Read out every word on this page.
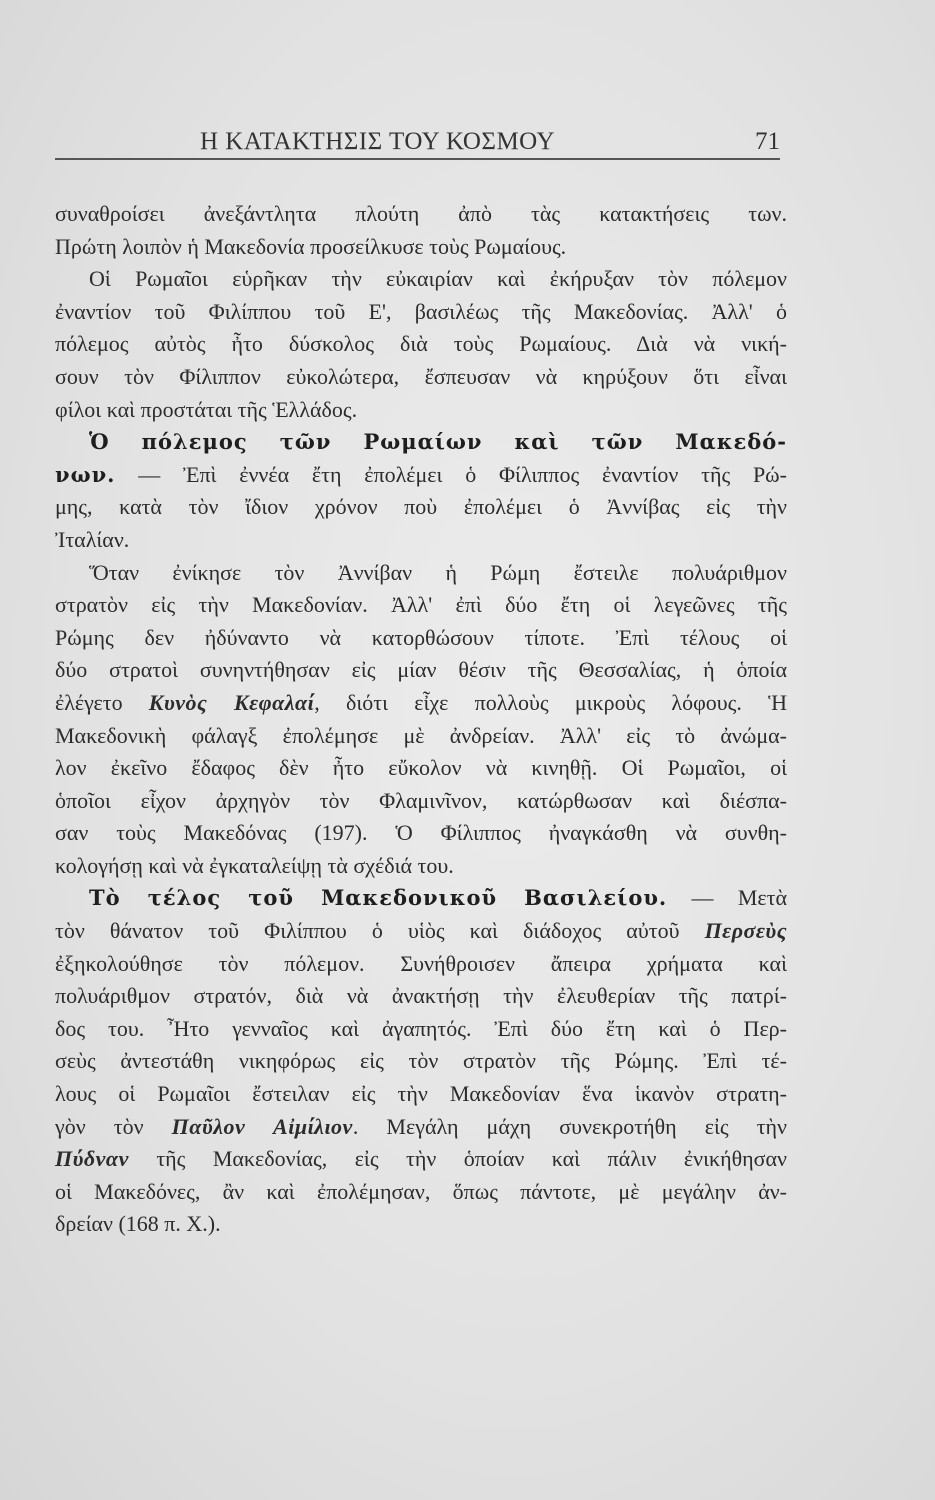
Η ΚΑΤΑΚΤΗΣΙΣ ΤΟΥ ΚΟΣΜΟΥ	71
συναθροίσει ἀνεξάντλητα πλούτη ἀπὸ τὰς κατακτήσεις των.
Πρώτη λοιπὸν ἡ Μακεδονία προσείλκυσε τοὺς Ρωμαίους.
Οἱ Ρωμαῖοι εὑρῆκαν τὴν εὐκαιρίαν καὶ ἐκήρυξαν τὸν πόλεμον
ἐναντίον τοῦ Φιλίππου τοῦ Ε', βασιλέως τῆς Μακεδονίας. Ἀλλ' ὁ
πόλεμος αὐτὸς ἦτο δύσκολος διὰ τοὺς Ρωμαίους. Διὰ νὰ νική-
σουν τὸν Φίλιππον εὐκολώτερα, ἔσπευσαν νὰ κηρύξουν ὅτι εἶναι
φίλοι καὶ προστάται τῆς Ἑλλάδος.
Ὁ πόλεμος τῶν Ρωμαίων καὶ τῶν Μακεδό-
νων. — Ἐπὶ ἐννέα ἔτη ἐπολέμει ὁ Φίλιππος ἐναντίον τῆς Ρώ-
μης, κατὰ τὸν ἴδιον χρόνον ποὺ ἐπολέμει ὁ Ἀννίβας εἰς τὴν
Ἰταλίαν.
Ὅταν ἐνίκησε τὸν Ἀννίβαν ἡ Ρώμη ἔστειλε πολυάριθμον
στρατὸν εἰς τὴν Μακεδονίαν. Ἀλλ' ἐπὶ δύο ἔτη οἱ λεγεῶνες τῆς
Ρώμης δεν ἠδύναντο νὰ κατορθώσουν τίποτε. Ἐπὶ τέλους οἱ
δύο στρατοὶ συνηντήθησαν εἰς μίαν θέσιν τῆς Θεσσαλίας, ἡ ὁποία
ἐλέγετο Κυνὸς Κεφαλαί, διότι εἶχε πολλοὺς μικροὺς λόφους. Ἡ
Μακεδονικὴ φάλαγξ ἐπολέμησε μὲ ἀνδρείαν. Ἀλλ' εἰς τὸ ἀνώμα-
λον ἐκεῖνο ἔδαφος δὲν ἦτο εὔκολον νὰ κινηθῇ. Οἱ Ρωμαῖοι, οἱ
ὁποῖοι εἶχον ἀρχηγὸν τὸν Φλαμινῖνον, κατώρθωσαν καὶ διέσπα-
σαν τοὺς Μακεδόνας (197). Ὁ Φίλιππος ἠναγκάσθη νὰ συνθη-
κολογήσῃ καὶ νὰ ἐγκαταλείψῃ τὰ σχέδιά του.
Τὸ τέλος τοῦ Μακεδονικοῦ Βασιλείου. — Μετὰ
τὸν θάνατον τοῦ Φιλίππου ὁ υἱὸς καὶ διάδοχος αὐτοῦ Περσεὺς
ἐξηκολούθησε τὸν πόλεμον. Συνήθροισεν ἄπειρα χρήματα καὶ
πολυάριθμον στρατόν, διὰ νὰ ἀνακτήσῃ τὴν ἐλευθερίαν τῆς πατρί-
δος του. Ἦτο γενναῖος καὶ ἀγαπητός. Ἐπὶ δύο ἔτη καὶ ὁ Περ-
σεὺς ἀντεστάθη νικηφόρως εἰς τὸν στρατὸν τῆς Ρώμης. Ἐπὶ τέ-
λους οἱ Ρωμαῖοι ἔστειλαν εἰς τὴν Μακεδονίαν ἕνα ἱκανὸν στρατη-
γὸν τὸν Παῦλον Αἰμίλιον. Μεγάλη μάχη συνεκροτήθη εἰς τὴν
Πύδναν τῆς Μακεδονίας, εἰς τὴν ὁποίαν καὶ πάλιν ἐνικήθησαν
οἱ Μακεδόνες, ἂν καὶ ἐπολέμησαν, ὅπως πάντοτε, μὲ μεγάλην ἀν-
δρείαν (168 π. Χ.).
